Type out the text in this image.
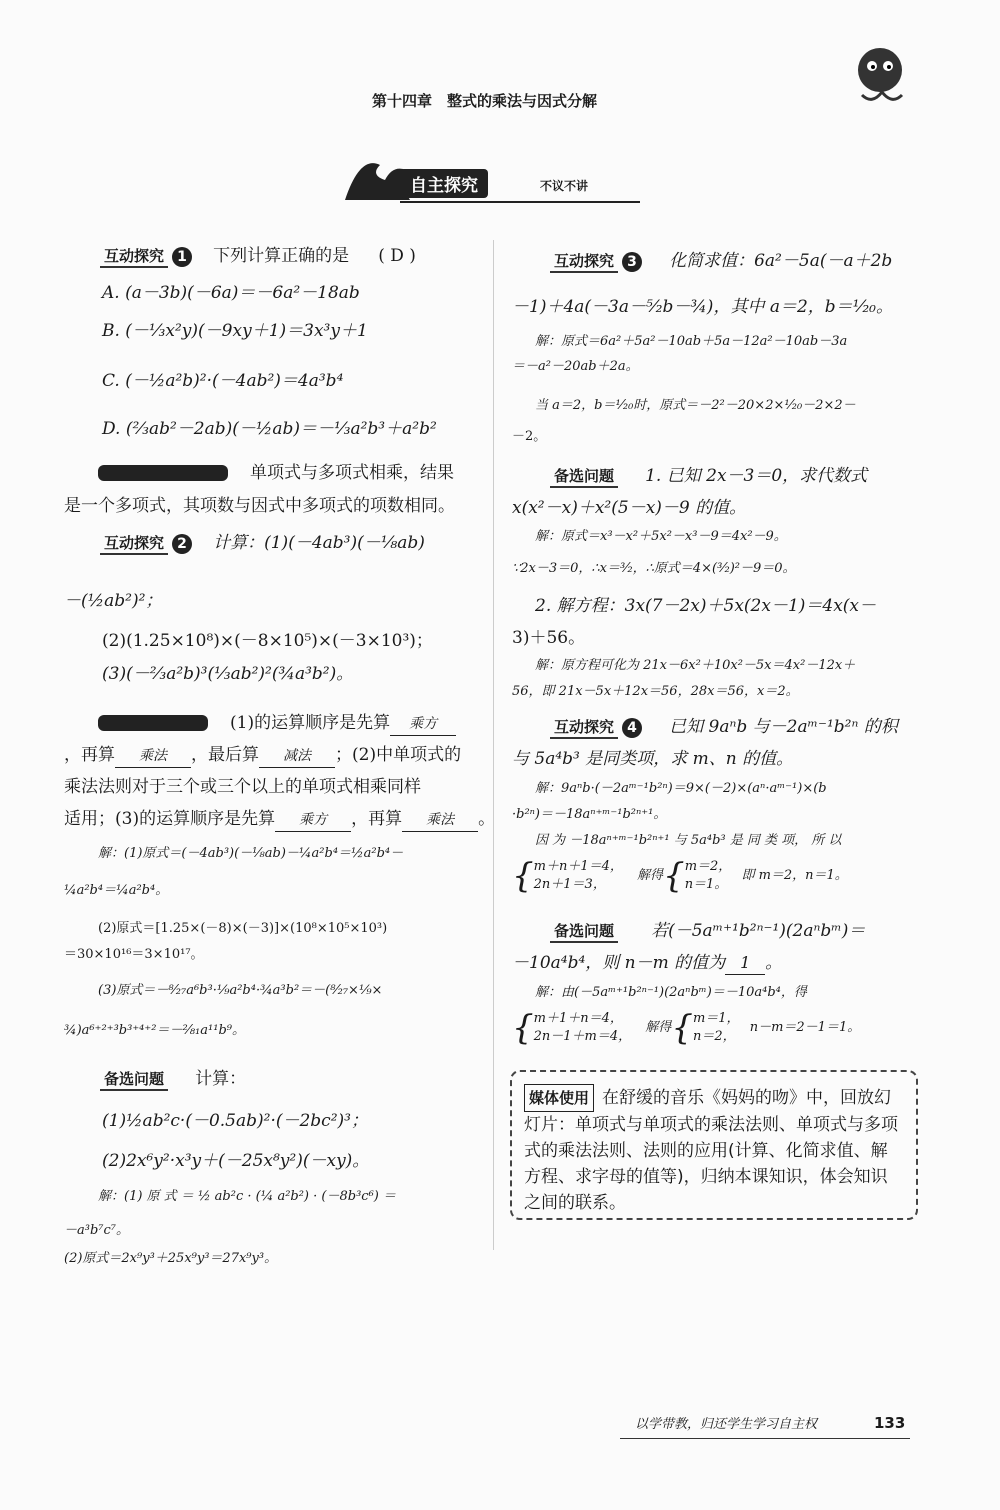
第十四章　整式的乘法与因式分解
自主探究	不议不讲
互动探究 1	下列计算正确的是 ( D )
A. (a－3b)(－6a)＝－6a²－18ab
B. (－⅓x²y)(－9xy＋1)＝3x³y＋1
C. (－½a²b)²·(－4ab²)＝4a³b⁴
D. (⅔ab²－2ab)(－½ab)＝－⅓a²b³＋a²b²
单项式与多项式相乘，结果
是一个多项式，其项数与因式中多项式的项数相同。
互动探究 2	计算：(1)(－4ab³)(－⅛ab)
－(½ab²)²；
(2)(1.25×10⁸)×(－8×10⁵)×(－3×10³)；
(3)(－⅔a²b)³(⅓ab²)²(¾a³b²)。
(1)的运算顺序是先算 乘方
，再算 乘法 ，最后算 减法 ；(2)中单项式的
乘法法则对于三个或三个以上的单项式相乘同样
适用；(3)的运算顺序是先算 乘方 ，再算 乘法 。
解：(1)原式＝(－4ab³)(－⅛ab)－¼a²b⁴＝½a²b⁴－
¼a²b⁴＝¼a²b⁴。
(2)原式＝[1.25×(－8)×(－3)]×(10⁸×10⁵×10³)
＝30×10¹⁶＝3×10¹⁷。
(3)原式＝－⁸⁄₂₇a⁶b³·⅑a²b⁴·¾a³b²＝－(⁸⁄₂₇×⅑×
¾)a⁶⁺²⁺³b³⁺⁴⁺²＝－²⁄₈₁a¹¹b⁹。
备选问题 计算：
(1)½ab²c·(－0.5ab)²·(－2bc²)³；
(2)2x⁶y²·x³y＋(－25x⁸y²)(－xy)。
解：(1) 原 式 ＝ ½ ab²c · (¼ a²b²) · (－8b³c⁶) ＝
－a³b⁷c⁷。
(2)原式＝2x⁹y³＋25x⁹y³＝27x⁹y³。
互动探究 3	化简求值：6a²－5a(－a＋2b
－1)＋4a(－3a－⁵⁄₂b－¾)，其中 a＝2，b＝¹⁄₂₀。
解：原式＝6a²＋5a²－10ab＋5a－12a²－10ab－3a
＝－a²－20ab＋2a。
当 a＝2，b＝¹⁄₂₀时，原式＝－2²－20×2×¹⁄₂₀－2×2－
－2。
备选问题 1. 已知 2x－3＝0，求代数式
x(x²－x)＋x²(5－x)－9 的值。
解：原式＝x³－x²＋5x²－x³－9＝4x²－9。
∵2x－3＝0，∴x＝³⁄₂，∴原式＝4×(³⁄₂)²－9＝0。
2. 解方程：3x(7－2x)＋5x(2x－1)＝4x(x－
3)＋56。
解：原方程可化为 21x－6x²＋10x²－5x＝4x²－12x＋
56，即 21x－5x＋12x＝56，28x＝56，x＝2。
互动探究 4	已知 9aⁿb 与－2aᵐ⁻¹b²ⁿ 的积
与 5a⁴b³ 是同类项，求 m、n 的值。
解：9aⁿb·(－2aᵐ⁻¹b²ⁿ)＝9×(－2)×(aⁿ·aᵐ⁻¹)×(b
·b²ⁿ)＝－18aⁿ⁺ᵐ⁻¹b²ⁿ⁺¹。
因 为 －18aⁿ⁺ᵐ⁻¹b²ⁿ⁺¹ 与 5a⁴b³ 是 同 类 项， 所 以
{m＋n＋1＝4，
2n＋1＝3， 解得{m＝2，
n＝1。 即 m＝2，n＝1。
备选问题 若(－5aᵐ⁺¹b²ⁿ⁻¹)(2aⁿbᵐ)＝
－10a⁴b⁴，则 n－m 的值为 1 。
解：由(－5aᵐ⁺¹b²ⁿ⁻¹)(2aⁿbᵐ)＝－10a⁴b⁴，得
{m＋1＋n＝4，
2n－1＋m＝4， 解得{m＝1，
n＝2， n－m＝2－1＝1。
媒体使用 在舒缓的音乐《妈妈的吻》中，回放幻灯片：单项式与单项式的乘法法则、单项式与多项式的乘法法则、法则的应用(计算、化简求值、解方程、求字母的值等)，归纳本课知识，体会知识之间的联系。
以学带教，归还学生学习自主权	133
